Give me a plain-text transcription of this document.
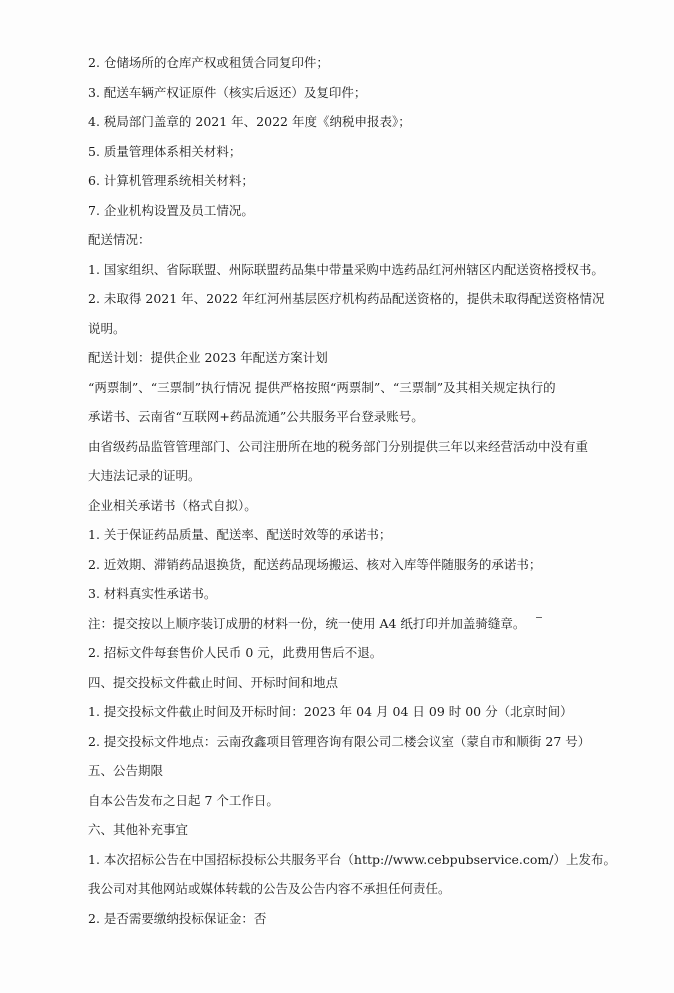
2. 仓储场所的仓库产权或租赁合同复印件；
3. 配送车辆产权证原件（核实后返还）及复印件；
4. 税局部门盖章的 2021 年、2022 年度《纳税申报表》；
5. 质量管理体系相关材料；
6. 计算机管理系统相关材料；
7. 企业机构设置及员工情况。
配送情况：
1. 国家组织、省际联盟、州际联盟药品集中带量采购中选药品红河州辖区内配送资格授权书。
2. 未取得 2021 年、2022 年红河州基层医疗机构药品配送资格的，提供未取得配送资格情况
说明。
配送计划：提供企业 2023 年配送方案计划
“两票制”、“三票制”执行情况 提供严格按照“两票制”、“三票制”及其相关规定执行的
承诺书、云南省“互联网+药品流通”公共服务平台登录账号。
由省级药品监管管理部门、公司注册所在地的税务部门分别提供三年以来经营活动中没有重
大违法记录的证明。
企业相关承诺书（格式自拟）。
1. 关于保证药品质量、配送率、配送时效等的承诺书；
2. 近效期、滞销药品退换货，配送药品现场搬运、核对入库等伴随服务的承诺书；
3. 材料真实性承诺书。
注：提交按以上顺序装订成册的材料一份，统一使用 A4 纸打印并加盖骑缝章。
2. 招标文件每套售价人民币 0 元，此费用售后不退。
四、提交投标文件截止时间、开标时间和地点
1. 提交投标文件截止时间及开标时间：2023 年 04 月 04 日 09 时 00 分（北京时间）
2. 提交投标文件地点：云南孜鑫项目管理咨询有限公司二楼会议室（蒙自市和顺街 27 号）
五、公告期限
自本公告发布之日起 7 个工作日。
六、其他补充事宜
1. 本次招标公告在中国招标投标公共服务平台（http://www.cebpubservice.com/）上发布。
我公司对其他网站或媒体转载的公告及公告内容不承担任何责任。
2. 是否需要缴纳投标保证金：否
